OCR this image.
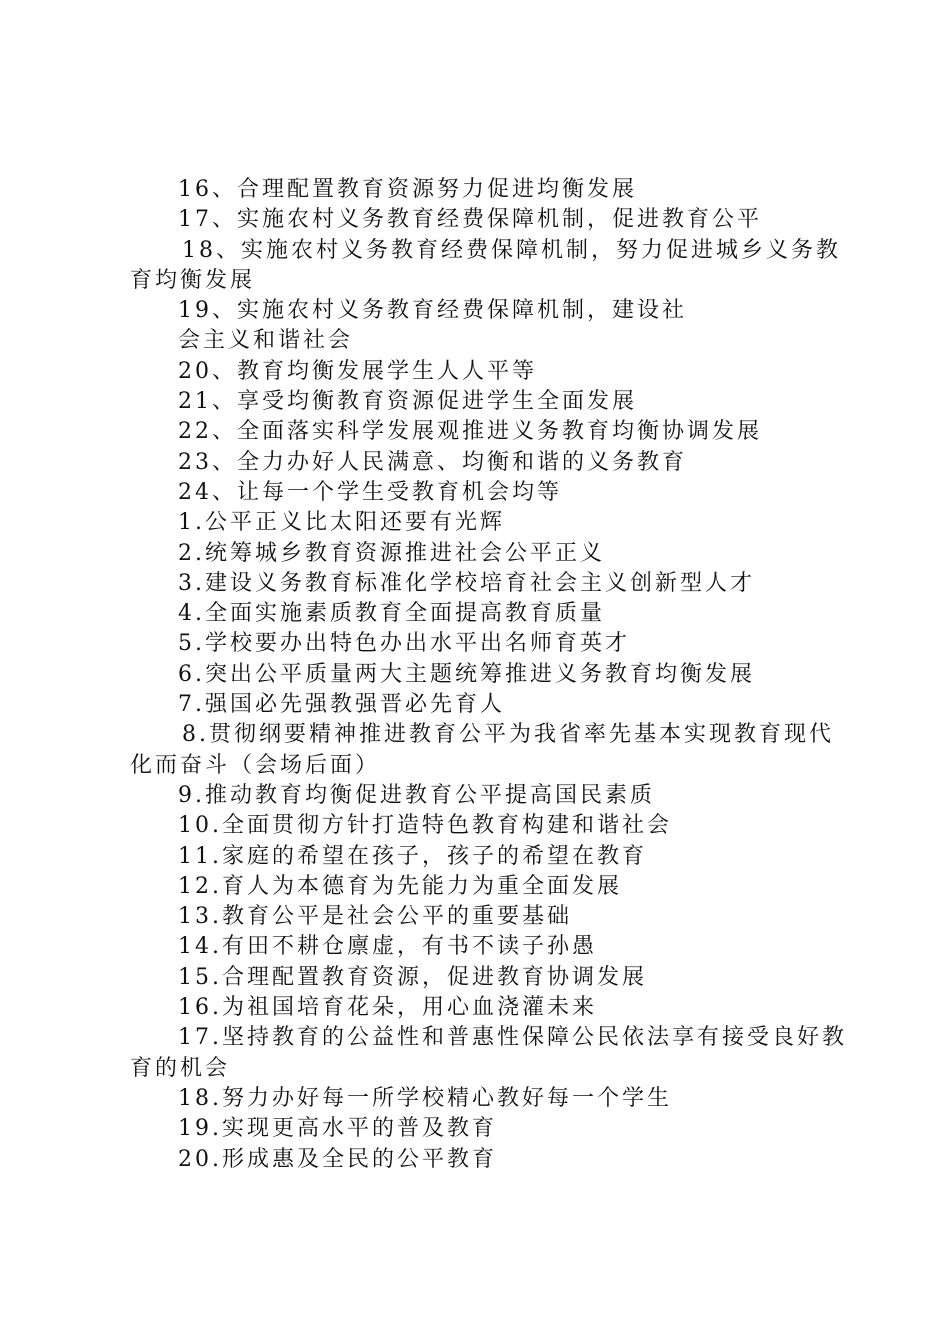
16、合理配置教育资源努力促进均衡发展

17、实施农村义务教育经费保障机制，促进教育公平

18、实施农村义务教育经费保障机制，努力促进城乡义务教育均衡发展

19、实施农村义务教育经费保障机制，建设社

会主义和谐社会

20、教育均衡发展学生人人平等

21、享受均衡教育资源促进学生全面发展

22、全面落实科学发展观推进义务教育均衡协调发展

23、全力办好人民满意、均衡和谐的义务教育

24、让每一个学生受教育机会均等

1.公平正义比太阳还要有光辉

2.统筹城乡教育资源推进社会公平正义

3.建设义务教育标准化学校培育社会主义创新型人才

4.全面实施素质教育全面提高教育质量

5.学校要办出特色办出水平出名师育英才

6.突出公平质量两大主题统筹推进义务教育均衡发展

7.强国必先强教强晋必先育人

8.贯彻纲要精神推进教育公平为我省率先基本实现教育现代化而奋斗（会场后面）

9.推动教育均衡促进教育公平提高国民素质

10.全面贯彻方针打造特色教育构建和谐社会

11.家庭的希望在孩子，孩子的希望在教育

12.育人为本德育为先能力为重全面发展

13.教育公平是社会公平的重要基础

14.有田不耕仓廪虚，有书不读子孙愚

15.合理配置教育资源，促进教育协调发展

16.为祖国培育花朵，用心血浇灌未来

17.坚持教育的公益性和普惠性保障公民依法享有接受良好教育的机会

18.努力办好每一所学校精心教好每一个学生

19.实现更高水平的普及教育

20.形成惠及全民的公平教育
